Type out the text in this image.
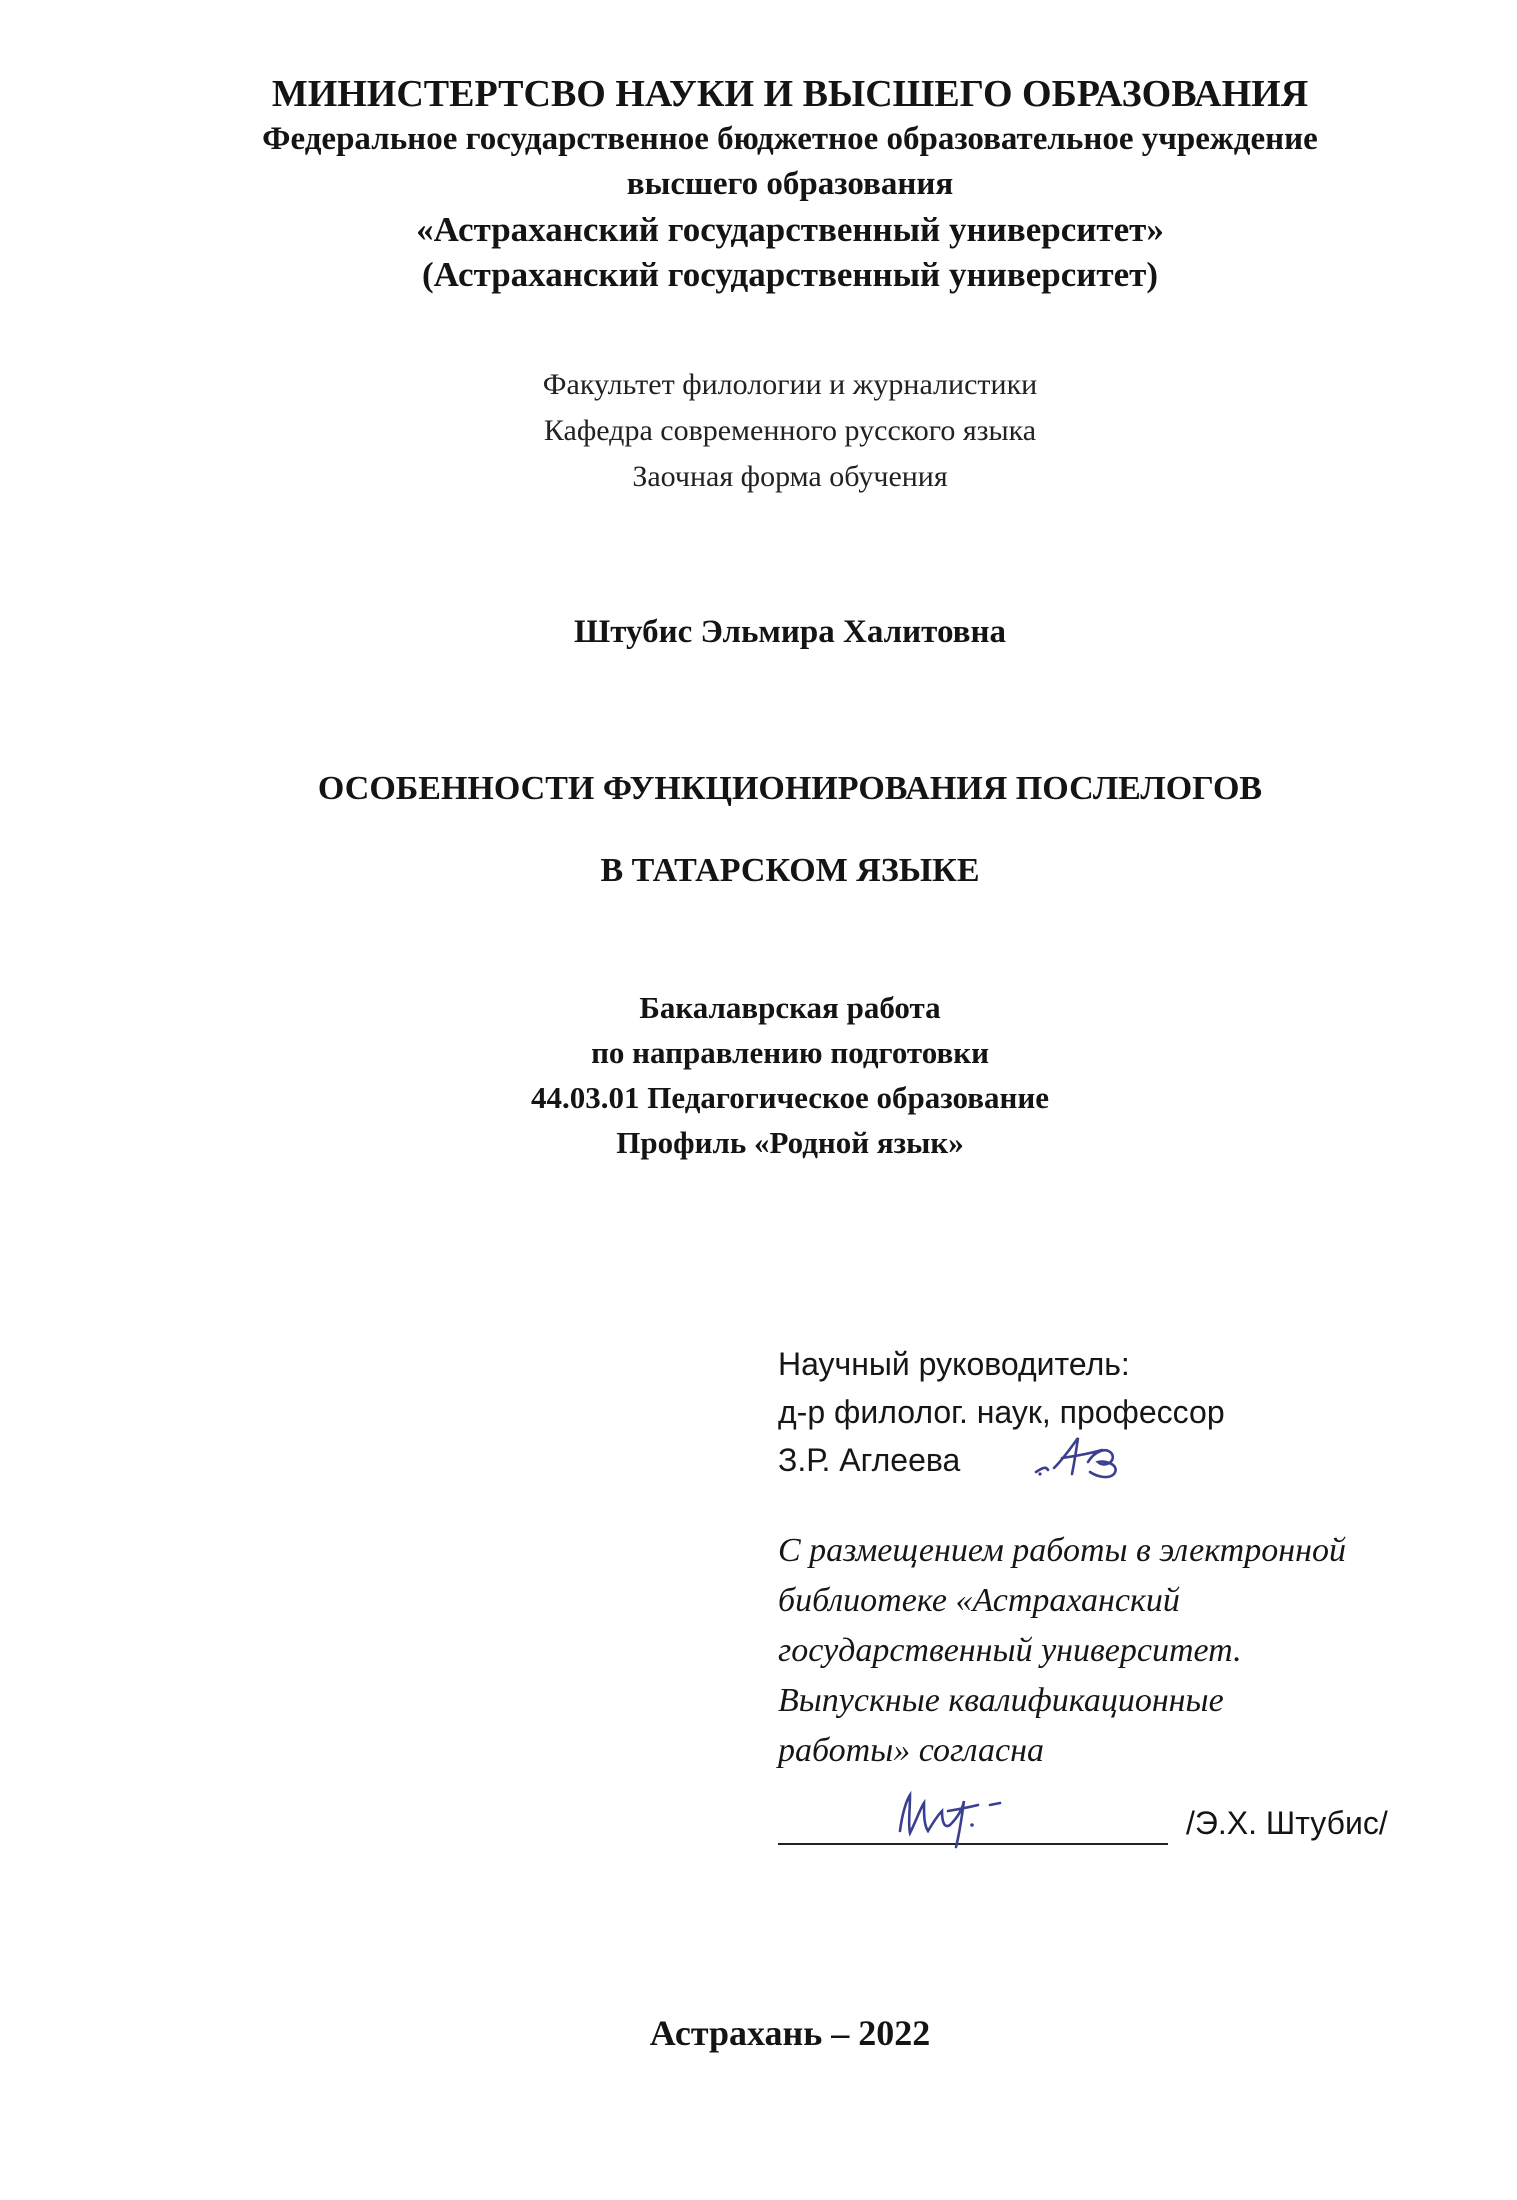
МИНИСТЕРТСВО НАУКИ И ВЫСШЕГО ОБРАЗОВАНИЯ
Федеральное государственное бюджетное образовательное учреждение
высшего образования
«Астраханский государственный университет»
(Астраханский государственный университет)
Факультет филологии и журналистики
Кафедра современного русского языка
Заочная форма обучения
Штубис Эльмира Халитовна
ОСОБЕННОСТИ ФУНКЦИОНИРОВАНИЯ ПОСЛЕЛОГОВ
В ТАТАРСКОМ ЯЗЫКЕ
Бакалаврская работа
по направлению подготовки
44.03.01 Педагогическое образование
Профиль «Родной язык»
Научный руководитель:
д-р филолог. наук, профессор
З.Р. Аглеева
С размещением работы в электронной
библиотеке «Астраханский
государственный университет.
Выпускные квалификационные
работы» согласна
/Э.Х. Штубис/
Астрахань – 2022
